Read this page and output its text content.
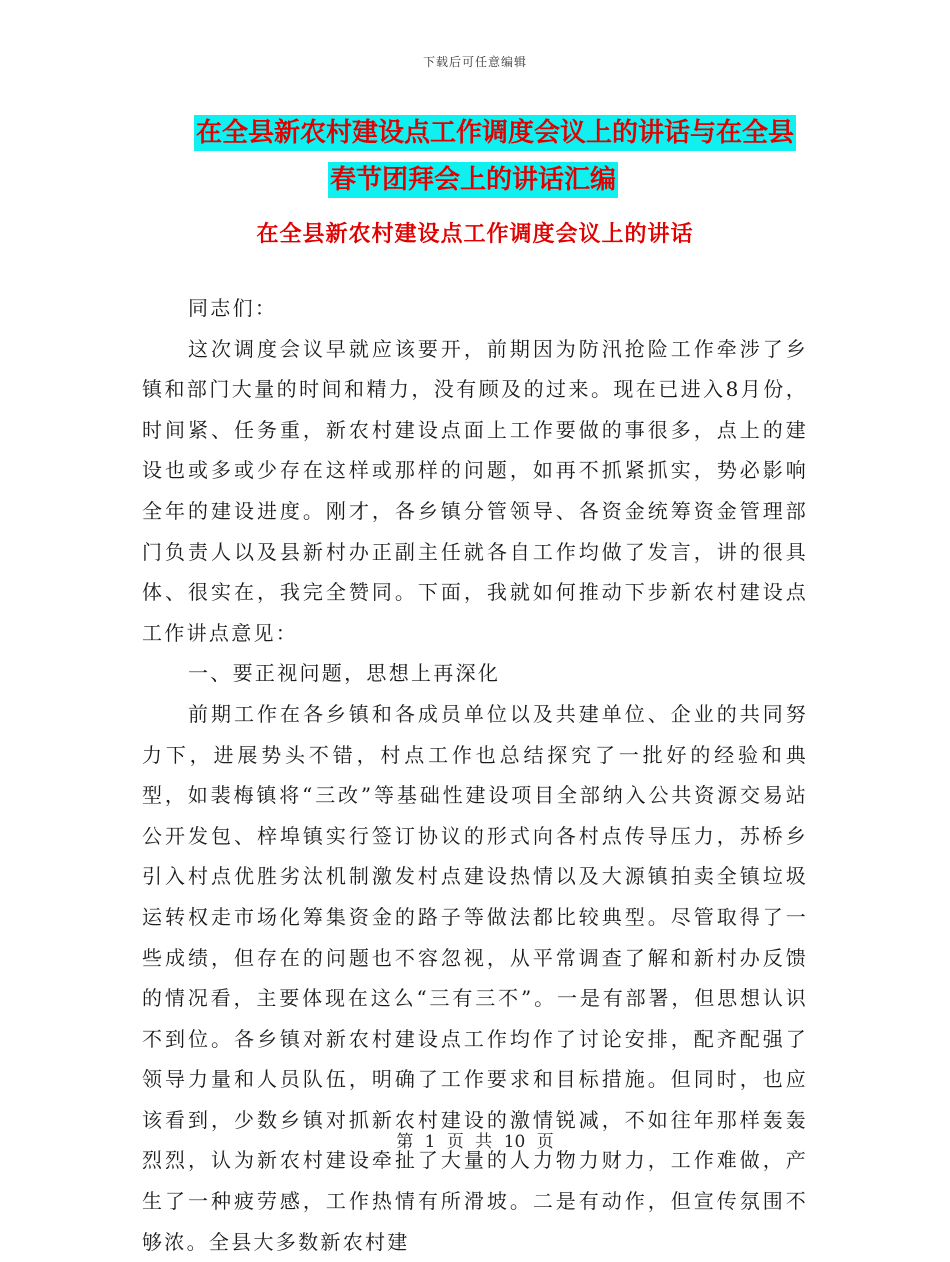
下载后可任意编辑
在全县新农村建设点工作调度会议上的讲话与在全县
春节团拜会上的讲话汇编
在全县新农村建设点工作调度会议上的讲话

同志们：

这次调度会议早就应该要开，前期因为防汛抢险工作牵涉了乡镇和部门大量的时间和精力，没有顾及的过来。现在已进入8月份，时间紧、任务重，新农村建设点面上工作要做的事很多，点上的建设也或多或少存在这样或那样的问题，如再不抓紧抓实，势必影响全年的建设进度。刚才，各乡镇分管领导、各资金统筹资金管理部门负责人以及县新村办正副主任就各自工作均做了发言，讲的很具体、很实在，我完全赞同。下面，我就如何推动下步新农村建设点工作讲点意见：

一、要正视问题，思想上再深化

前期工作在各乡镇和各成员单位以及共建单位、企业的共同努力下，进展势头不错，村点工作也总结探究了一批好的经验和典型，如裴梅镇将“三改”等基础性建设项目全部纳入公共资源交易站公开发包、梓埠镇实行签订协议的形式向各村点传导压力，苏桥乡引入村点优胜劣汰机制激发村点建设热情以及大源镇拍卖全镇垃圾运转权走市场化筹集资金的路子等做法都比较典型。尽管取得了一些成绩，但存在的问题也不容忽视，从平常调查了解和新村办反馈的情况看，主要体现在这么“三有三不”。一是有部署，但思想认识不到位。各乡镇对新农村建设点工作均作了讨论安排，配齐配强了领导力量和人员队伍，明确了工作要求和目标措施。但同时，也应该看到，少数乡镇对抓新农村建设的激情锐减，不如往年那样轰轰烈烈，认为新农村建设牵扯了大量的人力物力财力，工作难做，产生了一种疲劳感，工作热情有所滑坡。二是有动作，但宣传氛围不够浓。全县大多数新农村建

第 1 页 共 10 页
